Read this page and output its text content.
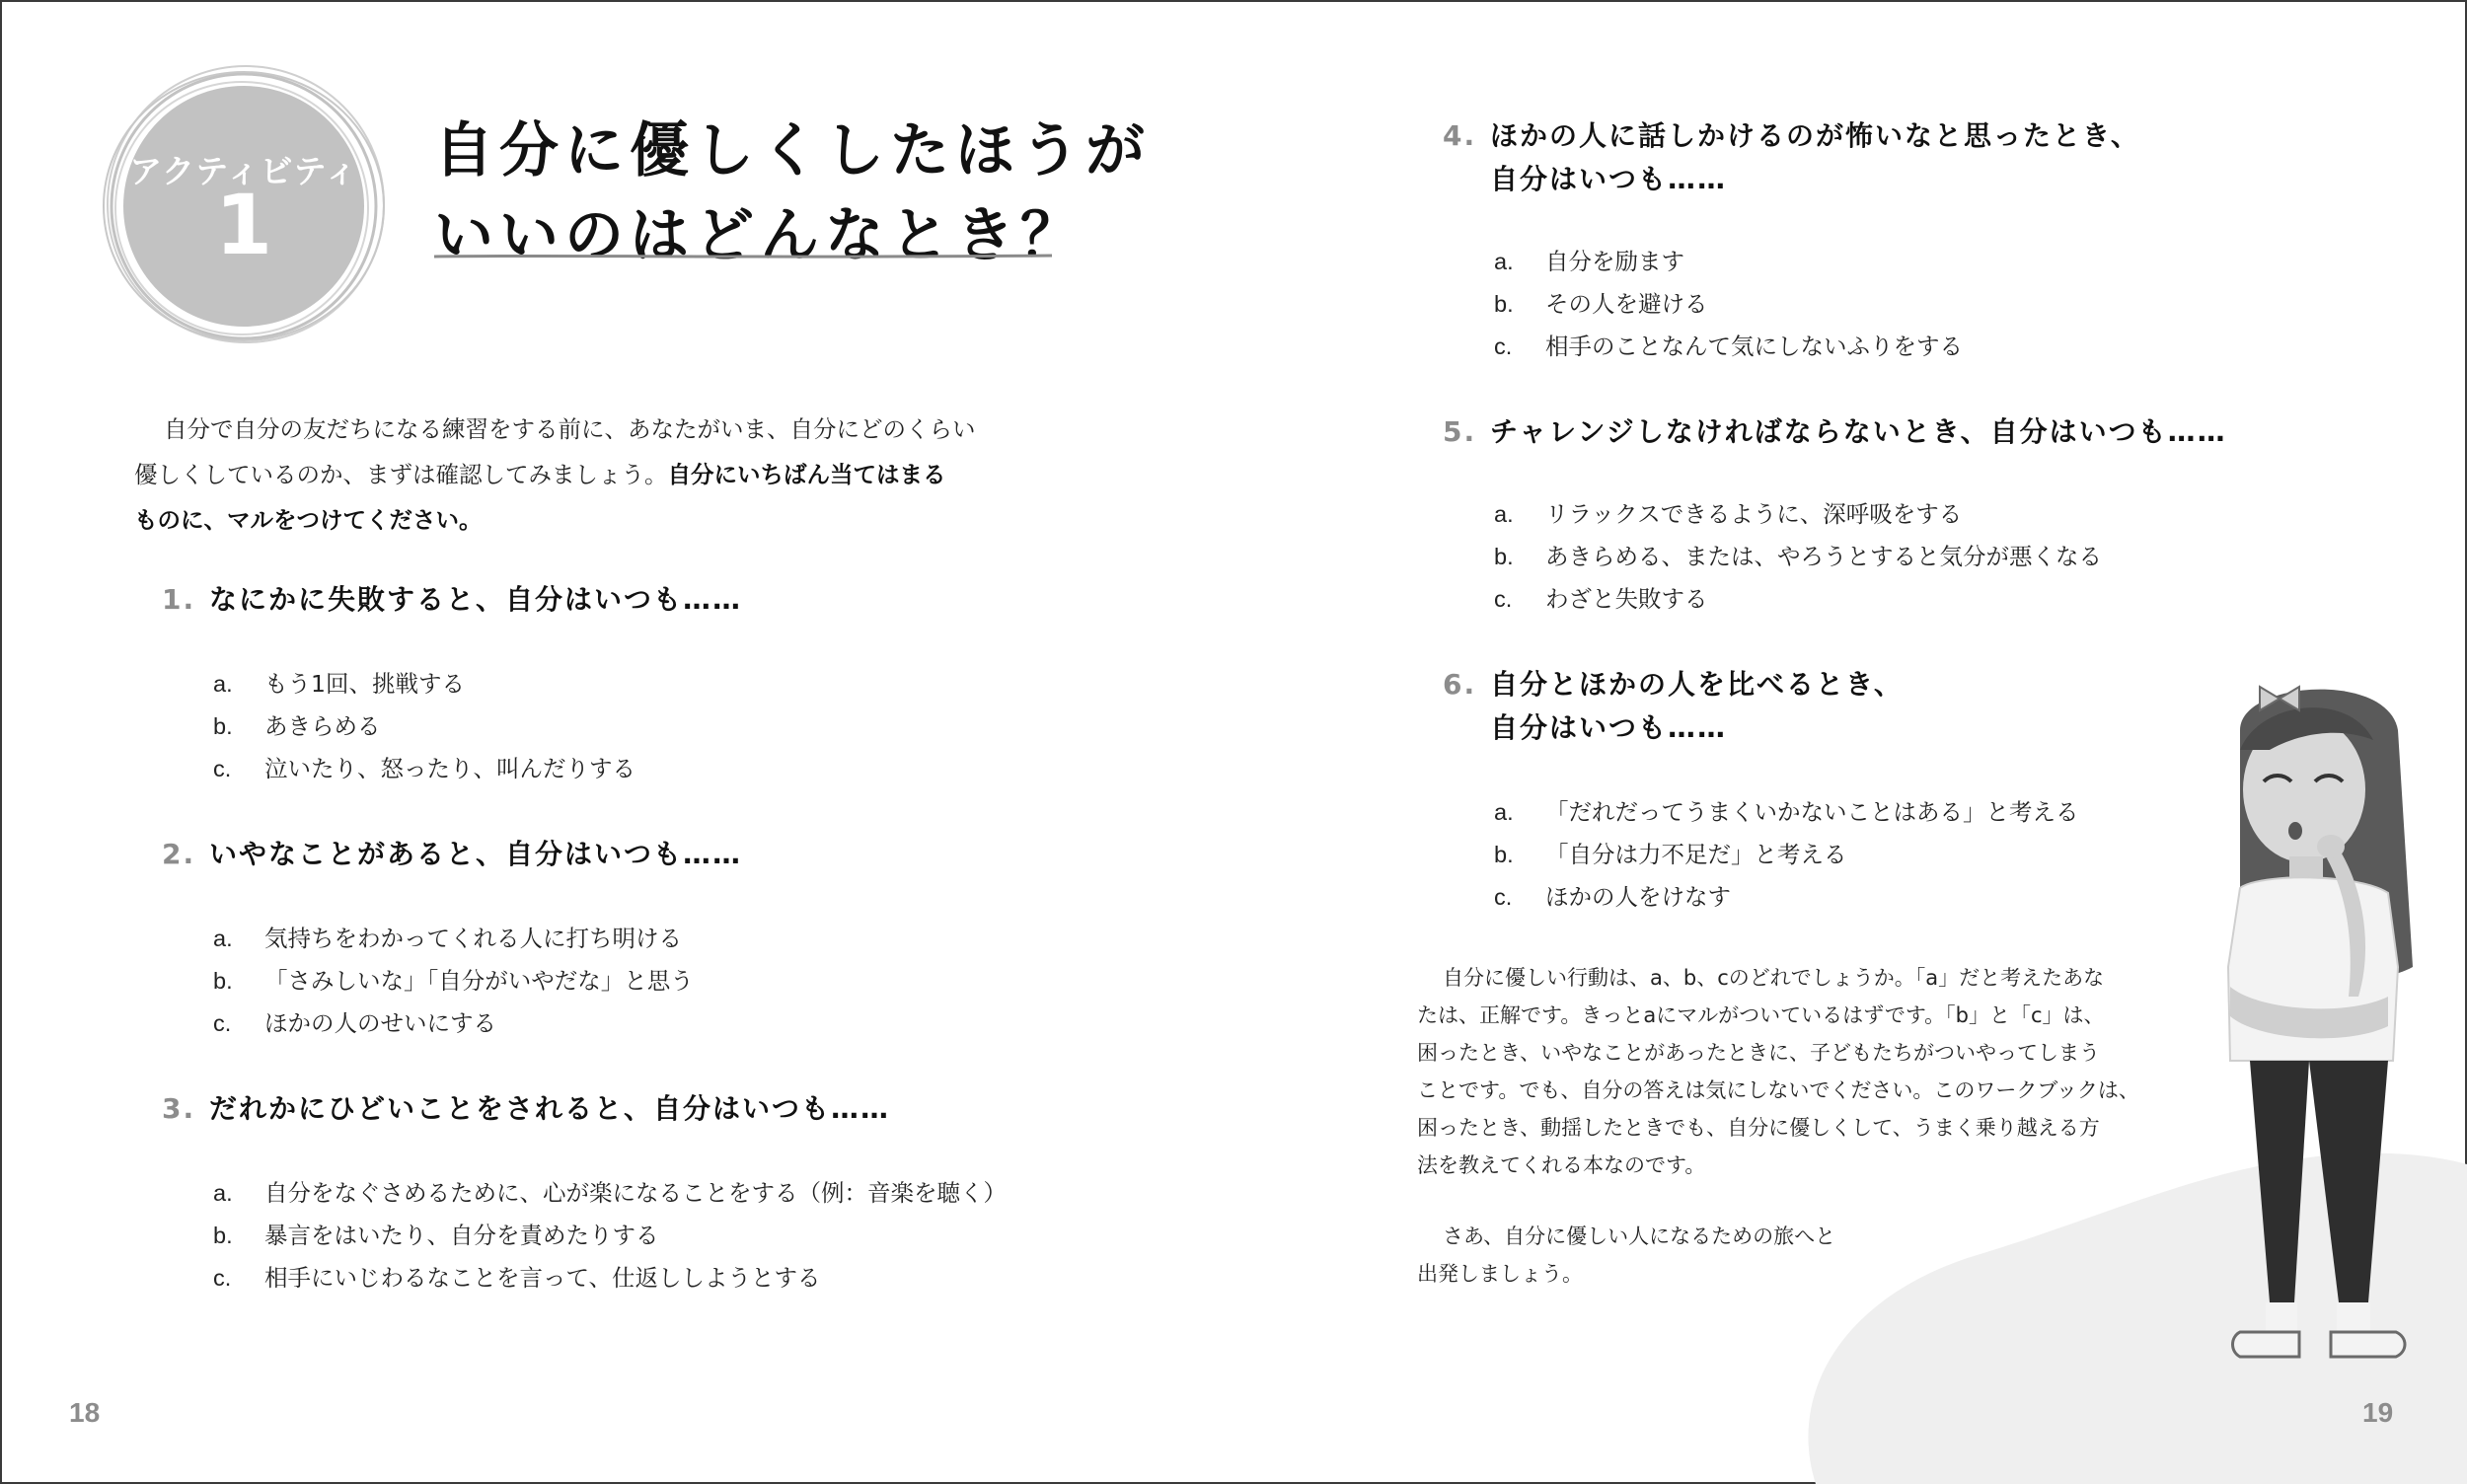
アクティビティ
1
自分に優しくしたほうが
いいのはどんなとき？
自分で自分の友だちになる練習をする前に、あなたがいま、自分にどのくらい
優しくしているのか、まずは確認してみましょう。自分にいちばん当てはまる
ものに、マルをつけてください。
1. なにかに失敗すると、自分はいつも……
a. もう1回、挑戦する
b. あきらめる
c. 泣いたり、怒ったり、叫んだりする
2. いやなことがあると、自分はいつも……
a. 気持ちをわかってくれる人に打ち明ける
b. 「さみしいな」「自分がいやだな」と思う
c. ほかの人のせいにする
3. だれかにひどいことをされると、自分はいつも……
a. 自分をなぐさめるために、心が楽になることをする（例：音楽を聴く）
b. 暴言をはいたり、自分を責めたりする
c. 相手にいじわるなことを言って、仕返ししようとする
4. ほかの人に話しかけるのが怖いなと思ったとき、
自分はいつも……
a. 自分を励ます
b. その人を避ける
c. 相手のことなんて気にしないふりをする
5. チャレンジしなければならないとき、自分はいつも……
a. リラックスできるように、深呼吸をする
b. あきらめる、または、やろうとすると気分が悪くなる
c. わざと失敗する
6. 自分とほかの人を比べるとき、
自分はいつも……
a. 「だれだってうまくいかないことはある」と考える
b. 「自分は力不足だ」と考える
c. ほかの人をけなす
自分に優しい行動は、a、b、cのどれでしょうか。「a」だと考えたあな
たは、正解です。きっとaにマルがついているはずです。「b」と「c」は、
困ったとき、いやなことがあったときに、子どもたちがついやってしまう
ことです。でも、自分の答えは気にしないでください。このワークブックは、
困ったとき、動揺したときでも、自分に優しくして、うまく乗り越える方
法を教えてくれる本なのです。
さあ、自分に優しい人になるための旅へと
出発しましょう。
18	19
